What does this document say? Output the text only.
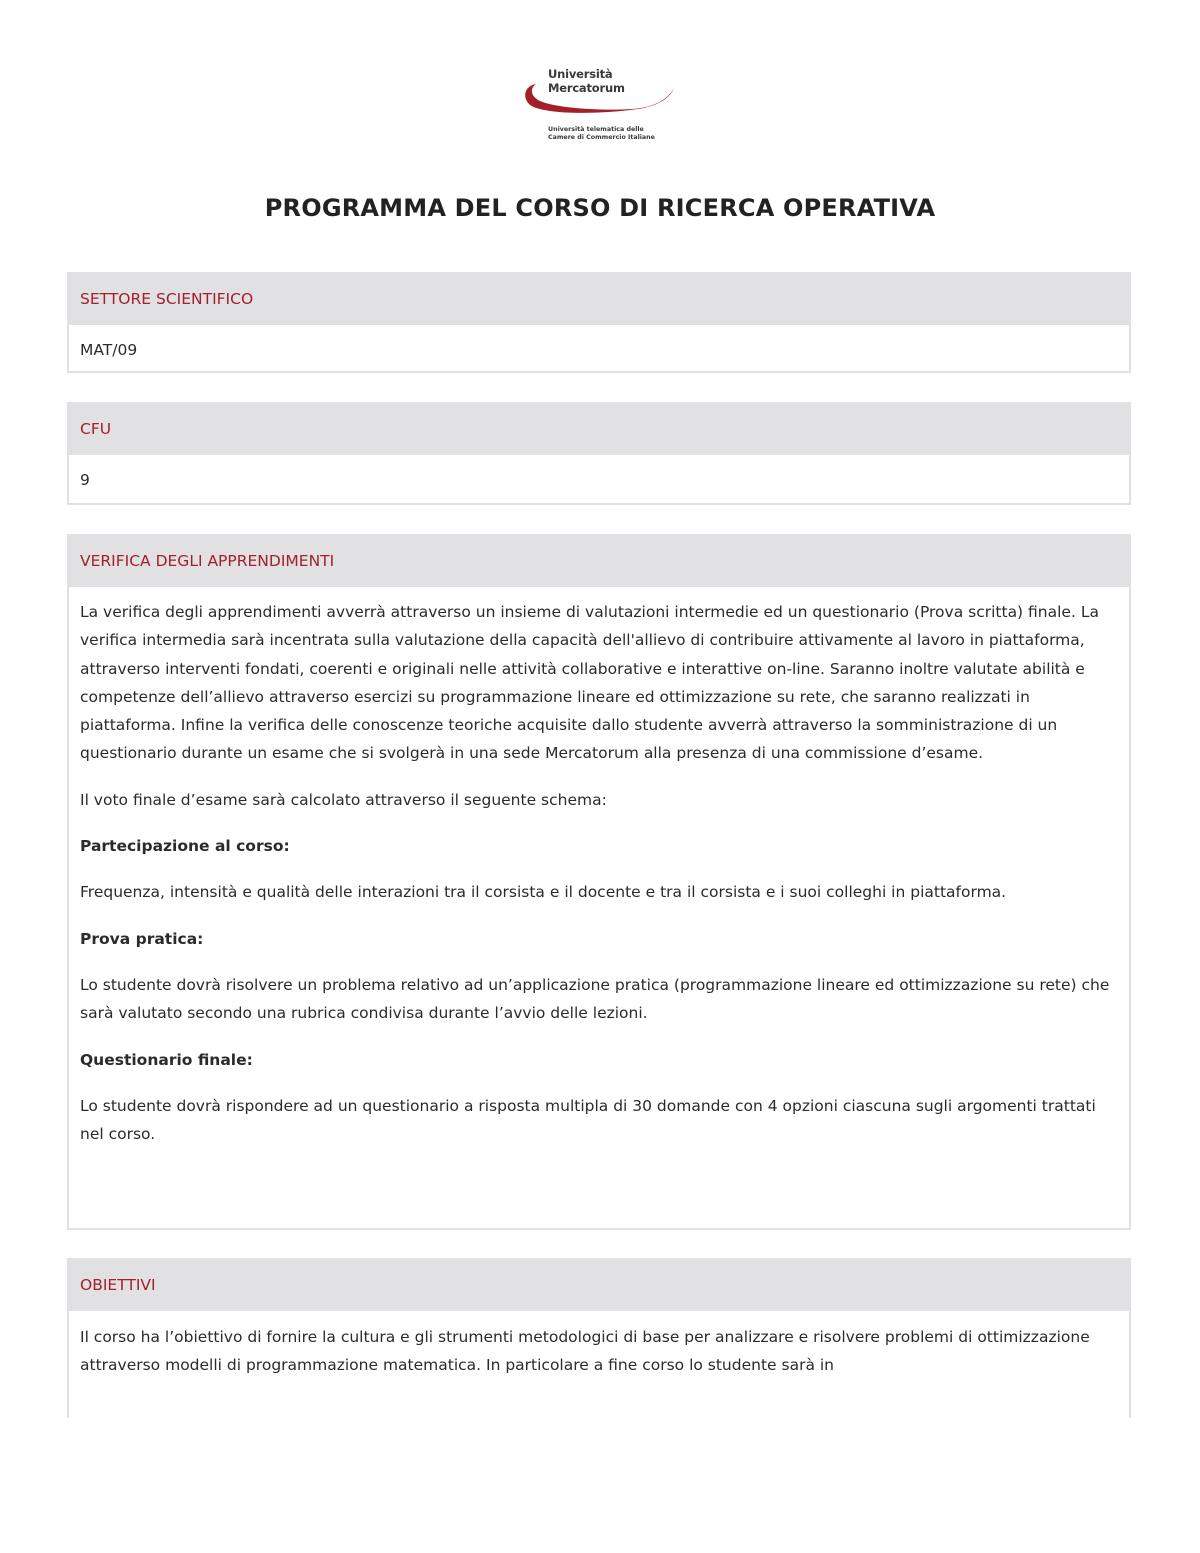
Università
Mercatorum
Università telematica delle
Camere di Commercio Italiane
PROGRAMMA DEL CORSO DI RICERCA OPERATIVA
SETTORE SCIENTIFICO

MAT/09

CFU

9

VERIFICA DEGLI APPRENDIMENTI

La verifica degli apprendimenti avverrà attraverso un insieme di valutazioni intermedie ed un questionario (Prova scritta) finale. La verifica intermedia sarà incentrata sulla valutazione della capacità dell'allievo di contribuire attivamente al lavoro in piattaforma, attraverso interventi fondati, coerenti e originali nelle attività collaborative e interattive on-line. Saranno inoltre valutate abilità e competenze dell’allievo attraverso esercizi su programmazione lineare ed ottimizzazione su rete, che saranno realizzati in piattaforma. Infine la verifica delle conoscenze teoriche acquisite dallo studente avverrà attraverso la somministrazione di un questionario durante un esame che si svolgerà in una sede Mercatorum alla presenza di una commissione d’esame.

Il voto finale d’esame sarà calcolato attraverso il seguente schema:

Partecipazione al corso:

Frequenza, intensità e qualità delle interazioni tra il corsista e il docente e tra il corsista e i suoi colleghi in piattaforma.

Prova pratica:

Lo studente dovrà risolvere un problema relativo ad un’applicazione pratica (programmazione lineare ed ottimizzazione su rete) che sarà valutato secondo una rubrica condivisa durante l’avvio delle lezioni.

Questionario finale:

Lo studente dovrà rispondere ad un questionario a risposta multipla di 30 domande con 4 opzioni ciascuna sugli argomenti trattati nel corso.

OBIETTIVI

Il corso ha l’obiettivo di fornire la cultura e gli strumenti metodologici di base per analizzare e risolvere problemi di ottimizzazione attraverso modelli di programmazione matematica. In particolare a fine corso lo studente sarà in
